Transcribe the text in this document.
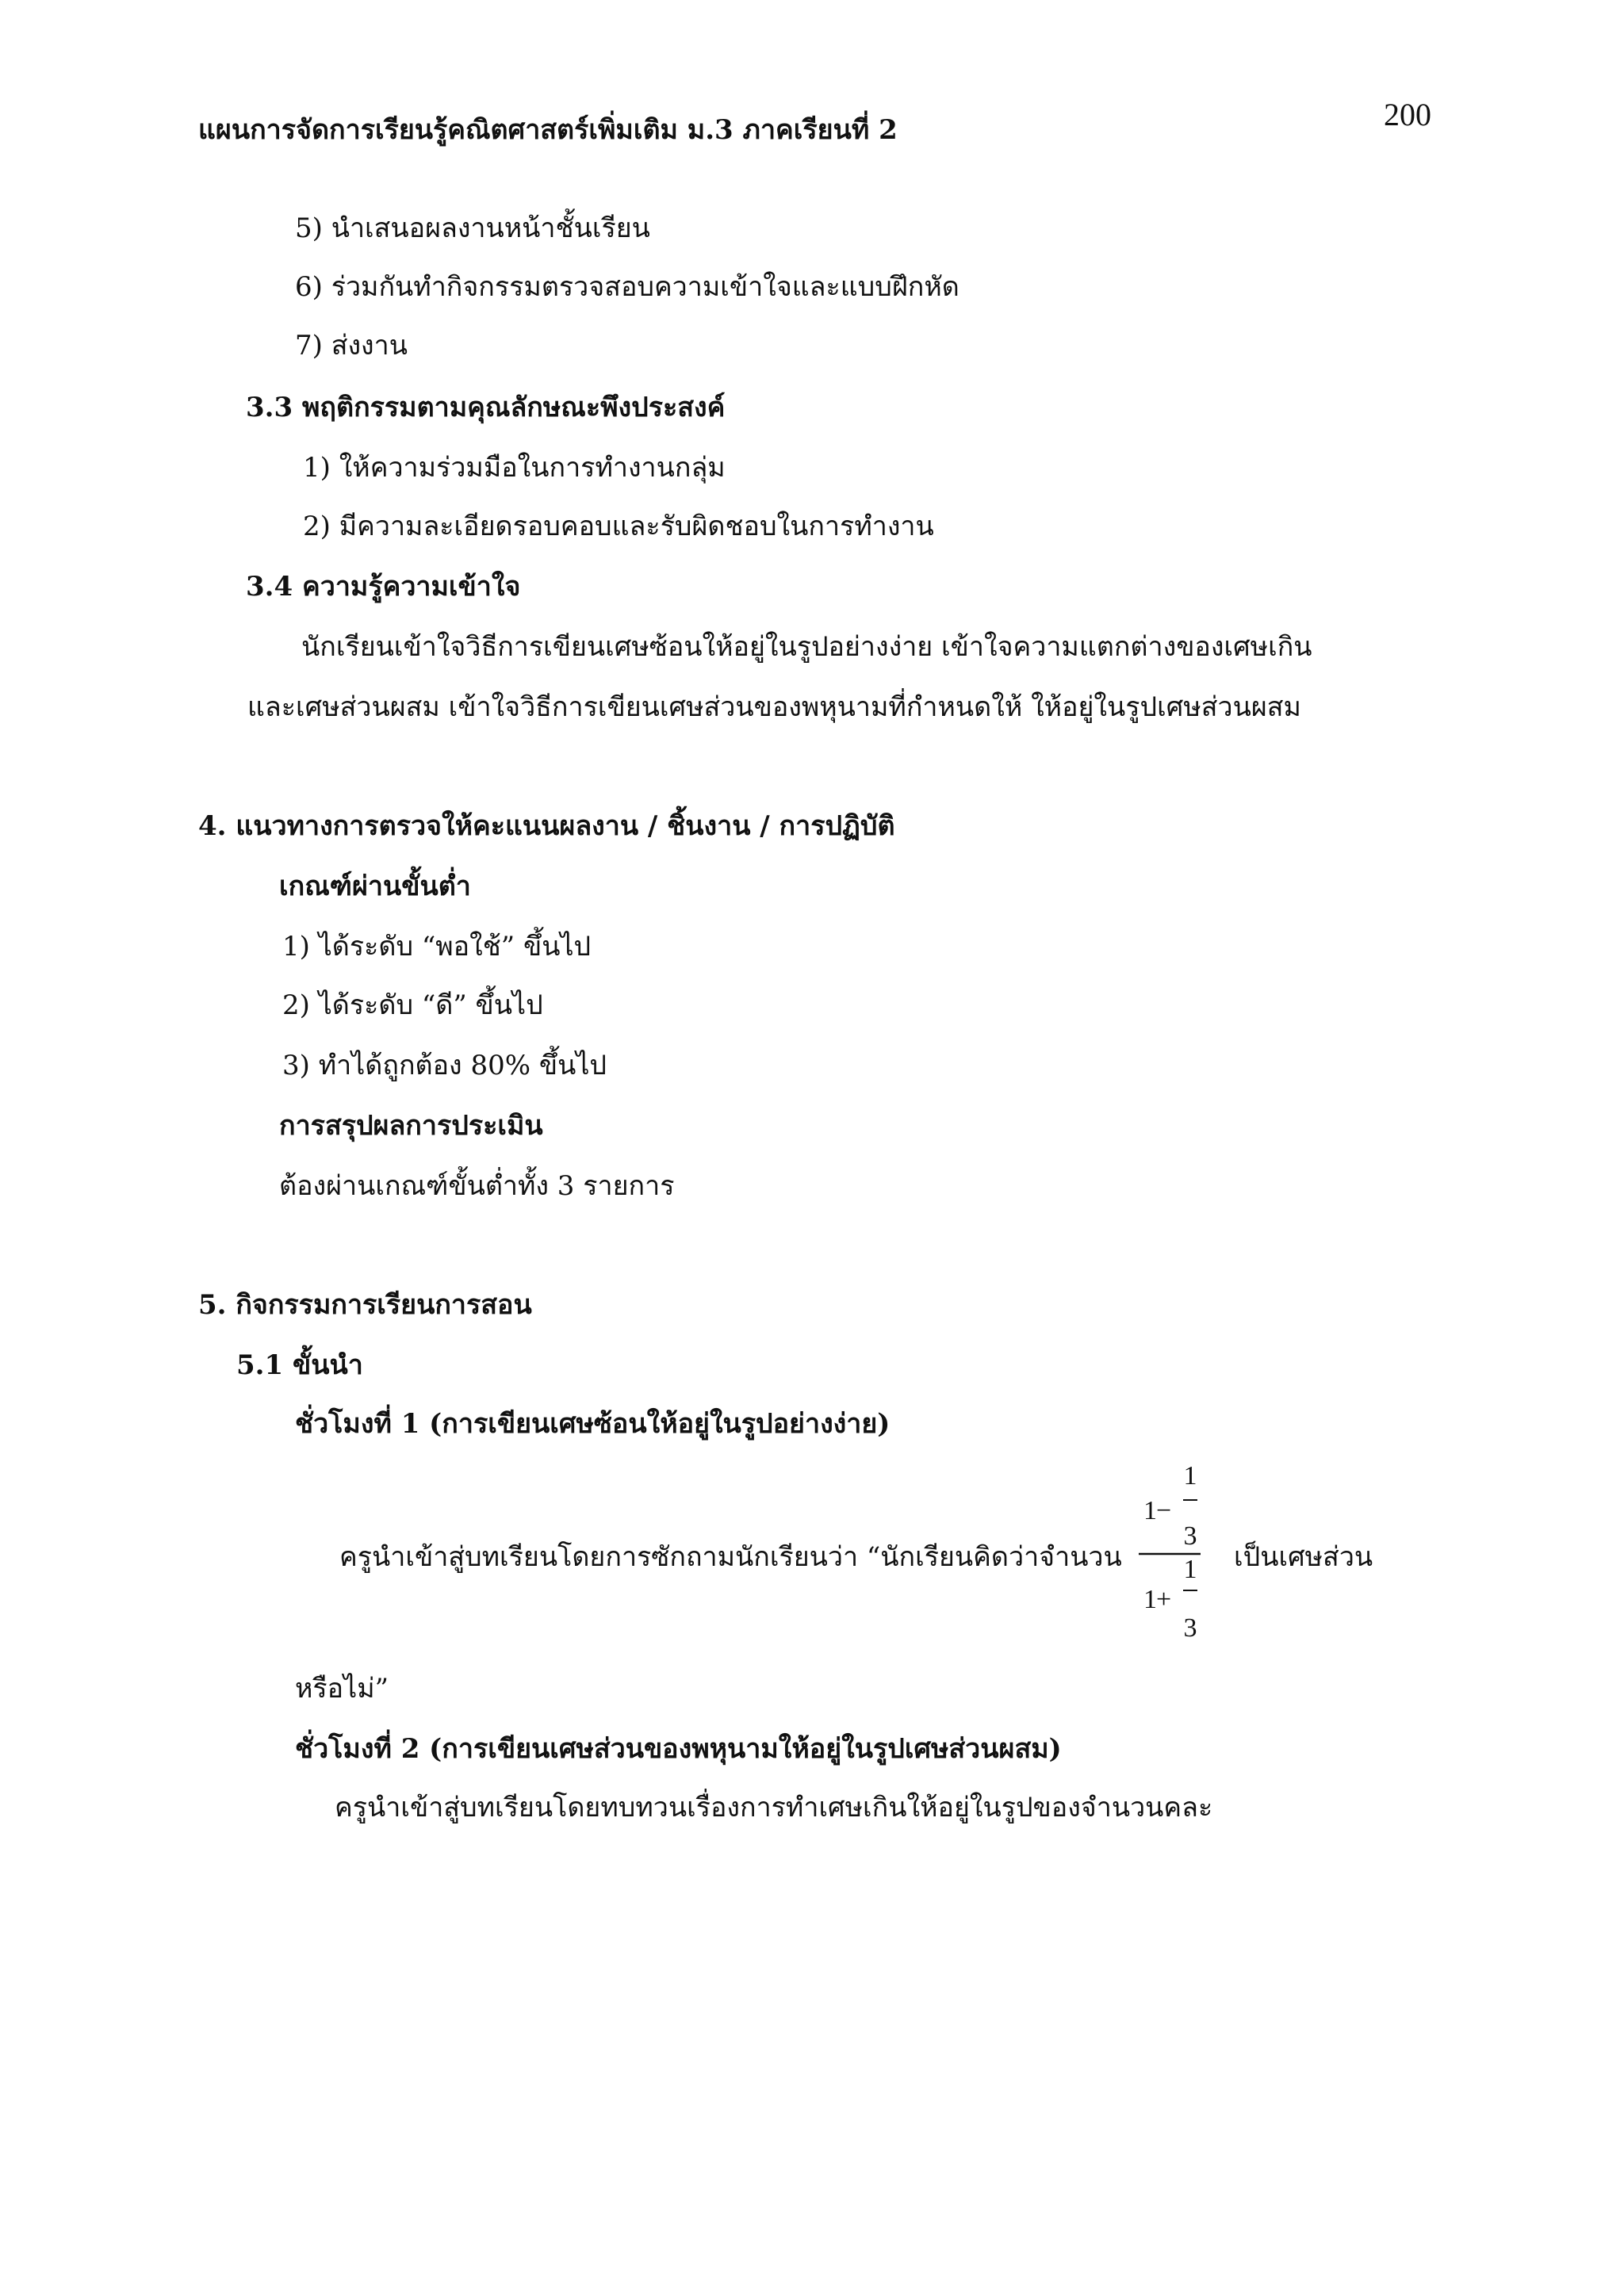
แผนการจัดการเรียนรู้คณิตศาสตร์เพิ่มเติม ม.3 ภาคเรียนที่ 2	200
5) นำเสนอผลงานหน้าชั้นเรียน
6) ร่วมกันทำกิจกรรมตรวจสอบความเข้าใจและแบบฝึกหัด
7) ส่งงาน
3.3 พฤติกรรมตามคุณลักษณะพึงประสงค์
1) ให้ความร่วมมือในการทำงานกลุ่ม
2) มีความละเอียดรอบคอบและรับผิดชอบในการทำงาน
3.4 ความรู้ความเข้าใจ
นักเรียนเข้าใจวิธีการเขียนเศษซ้อนให้อยู่ในรูปอย่างง่าย เข้าใจความแตกต่างของเศษเกิน
และเศษส่วนผสม เข้าใจวิธีการเขียนเศษส่วนของพหุนามที่กำหนดให้ ให้อยู่ในรูปเศษส่วนผสม
4. แนวทางการตรวจให้คะแนนผลงาน / ชิ้นงาน / การปฏิบัติ
เกณฑ์ผ่านขั้นต่ำ
1) ได้ระดับ “พอใช้” ขึ้นไป
2) ได้ระดับ “ดี” ขึ้นไป
3) ทำได้ถูกต้อง 80% ขึ้นไป
การสรุปผลการประเมิน
ต้องผ่านเกณฑ์ขั้นต่ำทั้ง 3 รายการ
5. กิจกรรมการเรียนการสอน
5.1 ขั้นนำ
ชั่วโมงที่ 1 (การเขียนเศษซ้อนให้อยู่ในรูปอย่างง่าย)
ครูนำเข้าสู่บทเรียนโดยการซักถามนักเรียนว่า “นักเรียนคิดว่าจำนวน
1 −
1
3
1
1 +
3
เป็นเศษส่วน
หรือไม่”
ชั่วโมงที่ 2 (การเขียนเศษส่วนของพหุนามให้อยู่ในรูปเศษส่วนผสม)
ครูนำเข้าสู่บทเรียนโดยทบทวนเรื่องการทำเศษเกินให้อยู่ในรูปของจำนวนคละ
